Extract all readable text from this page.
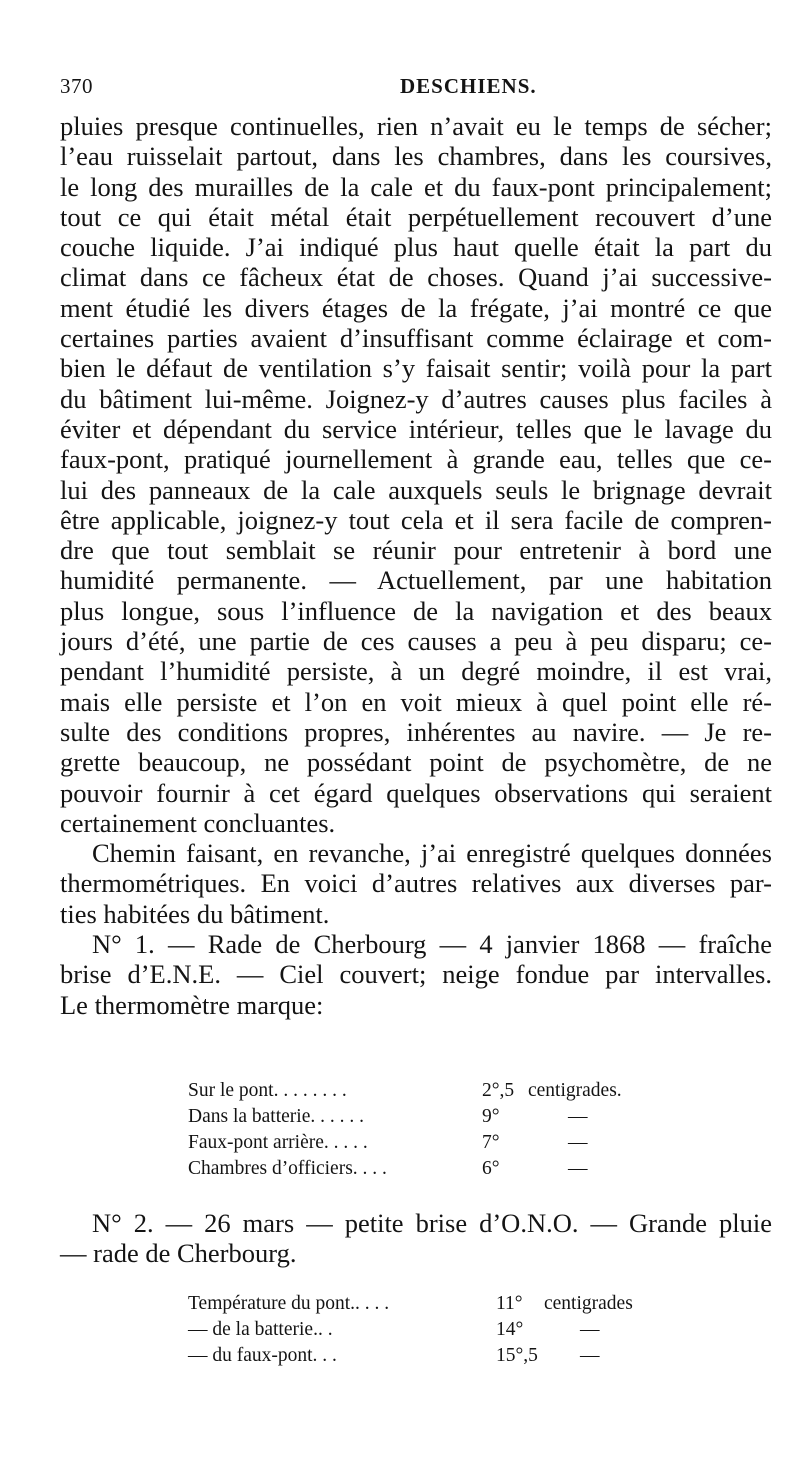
370	DESCHIENS.

pluies presque continuelles, rien n’avait eu le temps de sécher;
l’eau ruisselait partout, dans les chambres, dans les coursives,
le long des murailles de la cale et du faux-pont principalement;
tout ce qui était métal était perpétuellement recouvert d’une
couche liquide. J’ai indiqué plus haut quelle était la part du
climat dans ce fâcheux état de choses. Quand j’ai successive-
ment étudié les divers étages de la frégate, j’ai montré ce que
certaines parties avaient d’insuffisant comme éclairage et com-
bien le défaut de ventilation s’y faisait sentir; voilà pour la part
du bâtiment lui-même. Joignez-y d’autres causes plus faciles à
éviter et dépendant du service intérieur, telles que le lavage du
faux-pont, pratiqué journellement à grande eau, telles que ce-
lui des panneaux de la cale auxquels seuls le brignage devrait
être applicable, joignez-y tout cela et il sera facile de compren-
dre que tout semblait se réunir pour entretenir à bord une
humidité permanente. — Actuellement, par une habitation
plus longue, sous l’influence de la navigation et des beaux
jours d’été, une partie de ces causes a peu à peu disparu; ce-
pendant l’humidité persiste, à un degré moindre, il est vrai,
mais elle persiste et l’on en voit mieux à quel point elle ré-
sulte des conditions propres, inhérentes au navire. — Je re-
grette beaucoup, ne possédant point de psychomètre, de ne
pouvoir fournir à cet égard quelques observations qui seraient
certainement concluantes.

Chemin faisant, en revanche, j’ai enregistré quelques données
thermométriques. En voici d’autres relatives aux diverses par-
ties habitées du bâtiment.

N° 1. — Rade de Cherbourg — 4 janvier 1868 — fraîche
brise d’E.N.E. — Ciel couvert; neige fondue par intervalles.
Le thermomètre marque:

Sur le pont. . . . . . . .	2°,5 centigrades.
Dans la batterie. . . . . .	9°	—
Faux-pont arrière. . . . .	7°	—
Chambres d’officiers. . . .	6°	—
N° 2. — 26 mars — petite brise d’O.N.O. — Grande pluie
— rade de Cherbourg.
Température du pont.. . . .	11° centigrades
— de la batterie.. .	14°	—
— du faux-pont. . .	15°,5 —
